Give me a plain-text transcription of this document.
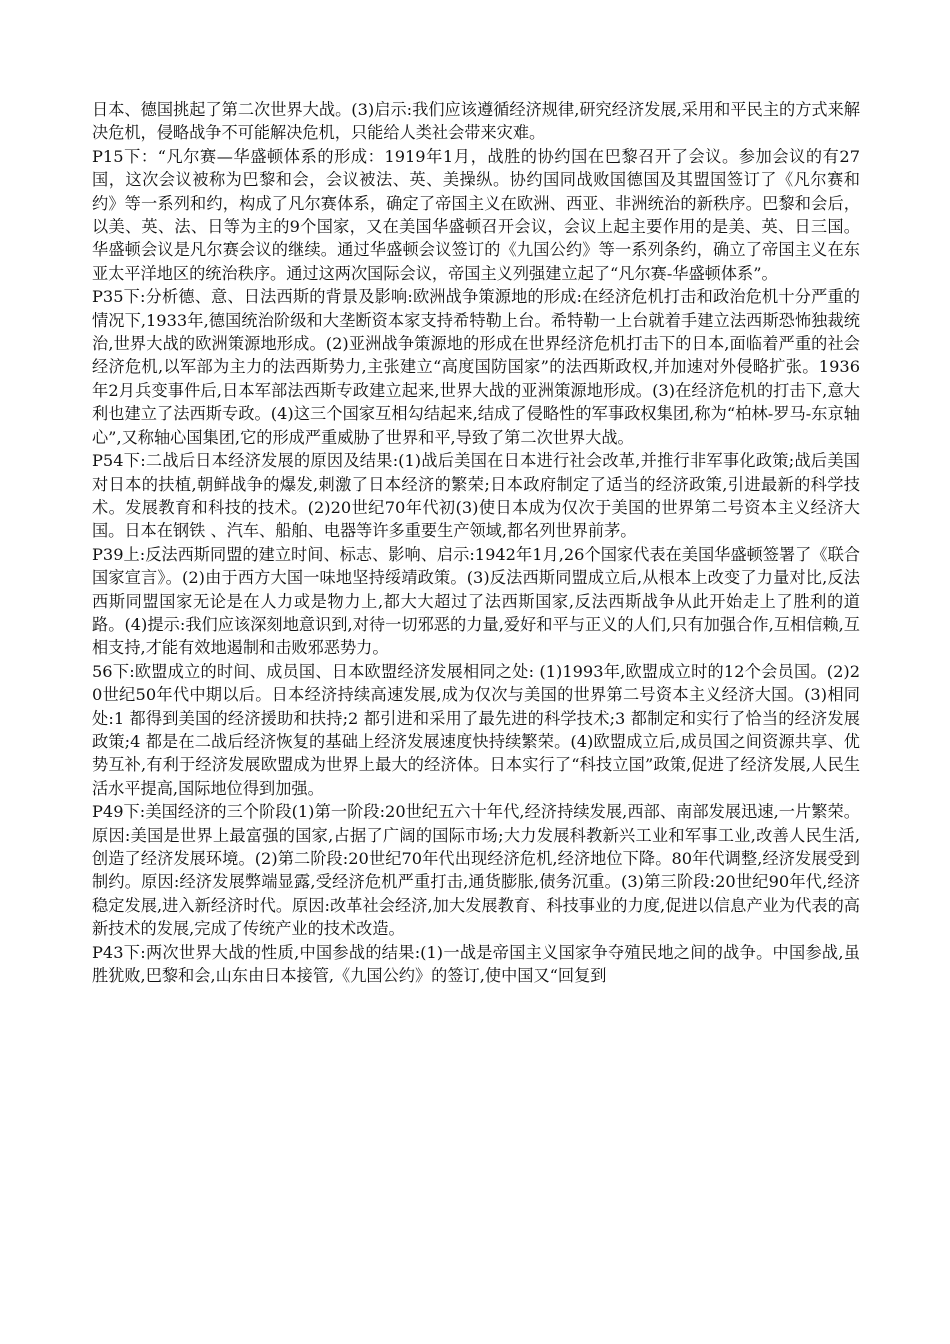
日本、德国挑起了第二次世界大战。(3)启示:我们应该遵循经济规律,研究经济发展,采用和平民主的方式来解决危机，侵略战争不可能解决危机，只能给人类社会带来灾难。

P15下：“凡尔赛—华盛顿体系的形成：1919年1月，战胜的协约国在巴黎召开了会议。参加会议的有27国，这次会议被称为巴黎和会，会议被法、英、美操纵。协约国同战败国德国及其盟国签订了《凡尔赛和约》等一系列和约，构成了凡尔赛体系，确定了帝国主义在欧洲、西亚、非洲统治的新秩序。巴黎和会后，以美、英、法、日等为主的9个国家，又在美国华盛顿召开会议，会议上起主要作用的是美、英、日三国。华盛顿会议是凡尔赛会议的继续。通过华盛顿会议签订的《九国公约》等一系列条约，确立了帝国主义在东亚太平洋地区的统治秩序。通过这两次国际会议，帝国主义列强建立起了“凡尔赛-华盛顿体系”。

P35下:分析德、意、日法西斯的背景及影响:欧洲战争策源地的形成:在经济危机打击和政治危机十分严重的情况下,1933年,德国统治阶级和大垄断资本家支持希特勒上台。希特勒一上台就着手建立法西斯恐怖独裁统治,世界大战的欧洲策源地形成。(2)亚洲战争策源地的形成在世界经济危机打击下的日本,面临着严重的社会经济危机,以军部为主力的法西斯势力,主张建立“高度国防国家”的法西斯政权,并加速对外侵略扩张。1936年2月兵变事件后,日本军部法西斯专政建立起来,世界大战的亚洲策源地形成。(3)在经济危机的打击下,意大利也建立了法西斯专政。(4)这三个国家互相勾结起来,结成了侵略性的军事政权集团,称为“柏林-罗马-东京轴心”,又称轴心国集团,它的形成严重威胁了世界和平,导致了第二次世界大战。

P54下:二战后日本经济发展的原因及结果:(1)战后美国在日本进行社会改革,并推行非军事化政策;战后美国对日本的扶植,朝鲜战争的爆发,刺激了日本经济的繁荣;日本政府制定了适当的经济政策,引进最新的科学技术。发展教育和科技的技术。(2)20世纪70年代初(3)使日本成为仅次于美国的世界第二号资本主义经济大国。日本在钢铁 、汽车、船舶、电器等许多重要生产领域,都名列世界前茅。

P39上:反法西斯同盟的建立时间、标志、影响、启示:1942年1月,26个国家代表在美国华盛顿签署了《联合国家宣言》。(2)由于西方大国一味地坚持绥靖政策。(3)反法西斯同盟成立后,从根本上改变了力量对比,反法西斯同盟国家无论是在人力或是物力上,都大大超过了法西斯国家,反法西斯战争从此开始走上了胜利的道路。(4)提示:我们应该深刻地意识到,对待一切邪恶的力量,爱好和平与正义的人们,只有加强合作,互相信赖,互相支持,才能有效地遏制和击败邪恶势力。

56下:欧盟成立的时间、成员国、日本欧盟经济发展相同之处: (1)1993年,欧盟成立时的12个会员国。(2)20世纪50年代中期以后。日本经济持续高速发展,成为仅次与美国的世界第二号资本主义经济大国。(3)相同处:1 都得到美国的经济援助和扶持;2 都引进和采用了最先进的科学技术;3 都制定和实行了恰当的经济发展政策;4 都是在二战后经济恢复的基础上经济发展速度快持续繁荣。(4)欧盟成立后,成员国之间资源共享、优势互补,有利于经济发展欧盟成为世界上最大的经济体。日本实行了“科技立国”政策,促进了经济发展,人民生活水平提高,国际地位得到加强。

P49下:美国经济的三个阶段(1)第一阶段:20世纪五六十年代,经济持续发展,西部、南部发展迅速,一片繁荣。原因:美国是世界上最富强的国家,占据了广阔的国际市场;大力发展科教新兴工业和军事工业,改善人民生活,创造了经济发展环境。(2)第二阶段:20世纪70年代出现经济危机,经济地位下降。80年代调整,经济发展受到制约。原因:经济发展弊端显露,受经济危机严重打击,通货膨胀,债务沉重。(3)第三阶段:20世纪90年代,经济稳定发展,进入新经济时代。原因:改革社会经济,加大发展教育、科技事业的力度,促进以信息产业为代表的高新技术的发展,完成了传统产业的技术改造。

P43下:两次世界大战的性质,中国参战的结果:(1)一战是帝国主义国家争夺殖民地之间的战争。中国参战,虽胜犹败,巴黎和会,山东由日本接管,《九国公约》的签订,使中国又“回复到
